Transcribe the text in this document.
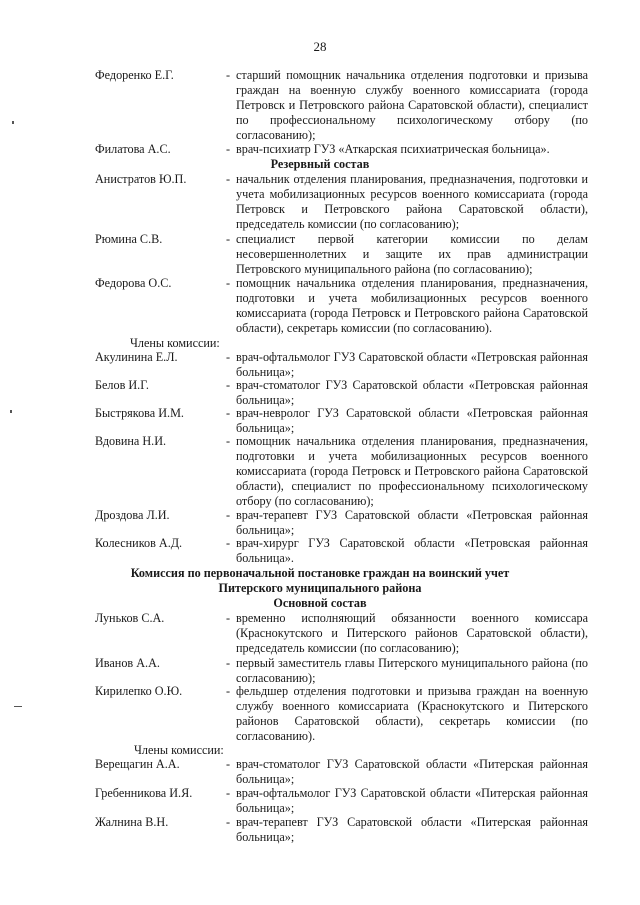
28
Федоренко Е.Г.	- старший помощник начальника отделения подготовки и призыва граждан на военную службу военного комиссариата (города Петровск и Петровского района Саратовской области), специалист по профессиональному психологическому отбору (по согласованию);
Филатова А.С.	- врач-психиатр ГУЗ «Аткарская психиатрическая больница».
Резервный состав
Анистратов Ю.П.	- начальник отделения планирования, предназначения, подготовки и учета мобилизационных ресурсов военного комиссариата (города Петровск и Петровского района Саратовской области), председатель комиссии (по согласованию);
Рюмина С.В.	- специалист первой категории комиссии по делам несовершеннолетних и защите их прав администрации Петровского муниципального района (по согласованию);
Федорова О.С.	- помощник начальника отделения планирования, предназначения, подготовки и учета мобилизационных ресурсов военного комиссариата (города Петровск и Петровского района Саратовской области), секретарь комиссии (по согласованию).
Члены комиссии:
Акулинина Е.Л.	- врач-офтальмолог ГУЗ Саратовской области «Петровская районная больница»;
Белов И.Г.	- врач-стоматолог ГУЗ Саратовской области «Петровская районная больница»;
Быстрякова И.М.	- врач-невролог ГУЗ Саратовской области «Петровская районная больница»;
Вдовина Н.И.	- помощник начальника отделения планирования, предназначения, подготовки и учета мобилизационных ресурсов военного комиссариата (города Петровск и Петровского района Саратовской области), специалист по профессиональному психологическому отбору (по согласованию);
Дроздова Л.И.	- врач-терапевт ГУЗ Саратовской области «Петровская районная больница»;
Колесников А.Д.	- врач-хирург ГУЗ Саратовской области «Петровская районная больница».
Комиссия по первоначальной постановке граждан на воинский учет
Питерского муниципального района
Основной состав
Луньков С.А.	- временно исполняющий обязанности военного комиссара (Краснокутского и Питерского районов Саратовской области), председатель комиссии (по согласованию);
Иванов А.А.	- первый заместитель главы Питерского муниципального района (по согласованию);
Кирилепко О.Ю.	- фельдшер отделения подготовки и призыва граждан на военную службу военного комиссариата (Краснокутского и Питерского районов Саратовской области), секретарь комиссии (по согласованию).
Члены комиссии:
Верещагин А.А.	- врач-стоматолог ГУЗ Саратовской области «Питерская районная больница»;
Гребенникова И.Я.	- врач-офтальмолог ГУЗ Саратовской области «Питерская районная больница»;
Жалнина В.Н.	- врач-терапевт ГУЗ Саратовской области «Питерская районная больница»;
